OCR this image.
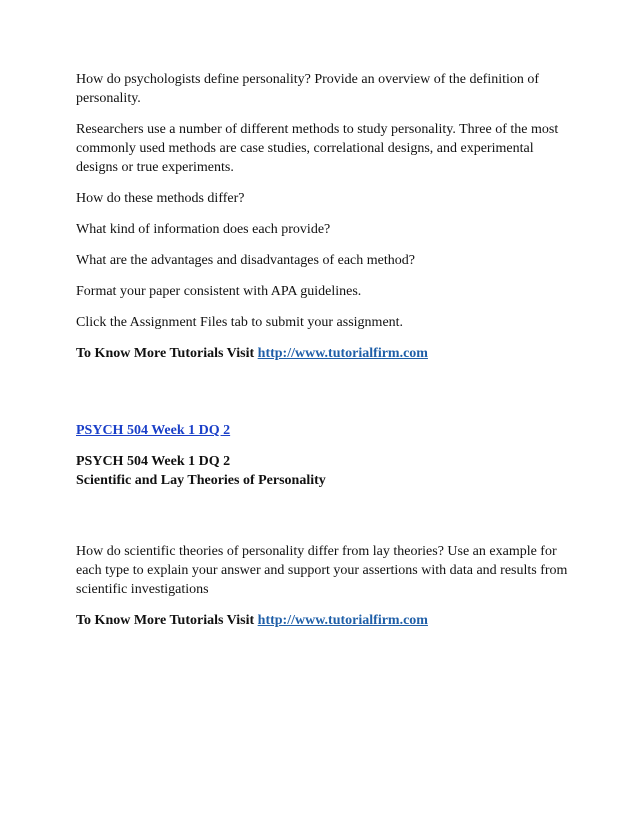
How do psychologists define personality? Provide an overview of the definition of personality.

Researchers use a number of different methods to study personality. Three of the most commonly used methods are case studies, correlational designs, and experimental designs or true experiments.

How do these methods differ?

What kind of information does each provide?

What are the advantages and disadvantages of each method?

Format your paper consistent with APA guidelines.

Click the Assignment Files tab to submit your assignment.

To Know More Tutorials Visit http://www.tutorialfirm.com

PSYCH 504 Week 1 DQ 2

PSYCH 504 Week 1 DQ 2
Scientific and Lay Theories of Personality

How do scientific theories of personality differ from lay theories? Use an example for each type to explain your answer and support your assertions with data and results from scientific investigations

To Know More Tutorials Visit http://www.tutorialfirm.com
